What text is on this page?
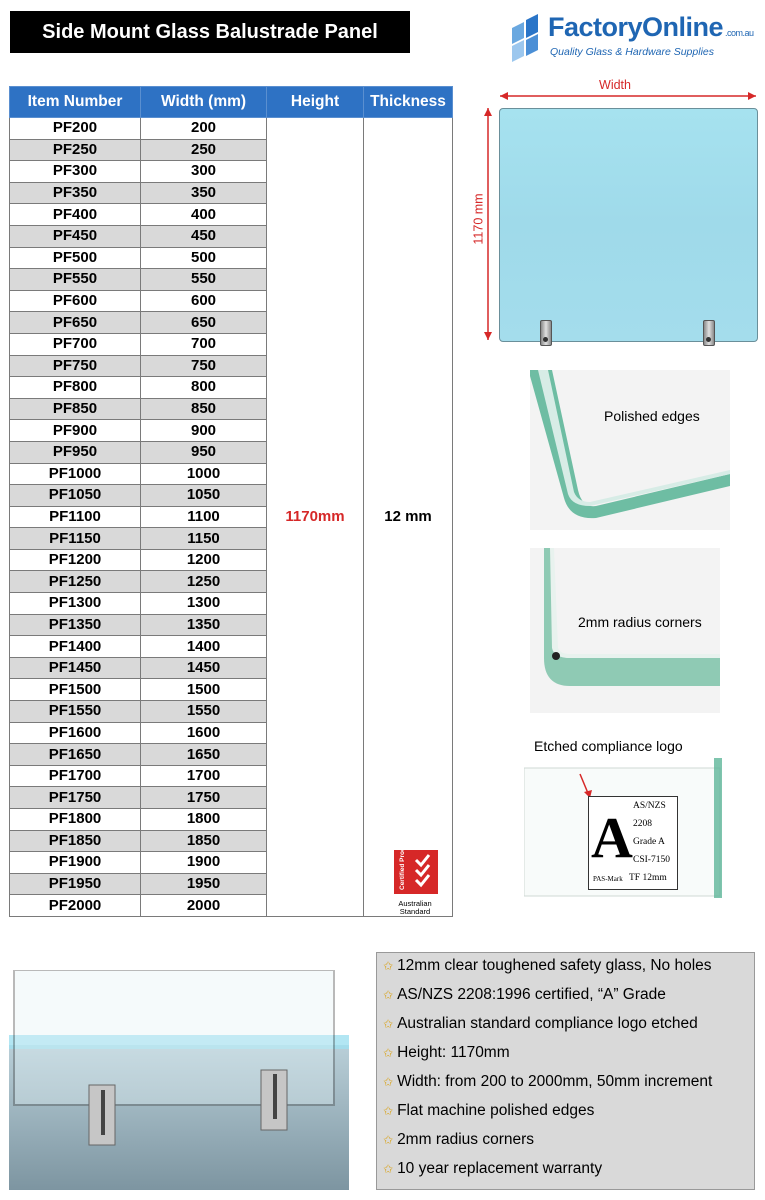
Side Mount Glass Balustrade Panel	FactoryOnline .com.au
Quality Glass & Hardware Supplies
Item Number	Width (mm)	Height	Thickness
PF200	200	1170mm	12 mm
Certified Product
Australian Standard

PF250	250		
PF300	300		
PF350	350		
PF400	400		
PF450	450		
PF500	500		
PF550	550		
PF600	600		
PF650	650		
PF700	700		
PF750	750		
PF800	800		
PF850	850		
PF900	900		
PF950	950		
PF1000	1000		
PF1050	1050		
PF1100	1100		
PF1150	1150		
PF1200	1200		
PF1250	1250		
PF1300	1300		
PF1350	1350		
PF1400	1400		
PF1450	1450		
PF1500	1500		
PF1550	1550		
PF1600	1600		
PF1650	1650		
PF1700	1700		
PF1750	1750		
PF1800	1800		
PF1850	1850		
PF1900	1900		
PF1950	1950		
PF2000	2000		
Width
1170 mm
Polished edges
2mm radius corners
Etched compliance logo
A AS/NZS
2208
Grade A
CSI-7150
TF 12mm
PAS-Mark
✩ 12mm clear toughened safety glass, No holes
✩ AS/NZS 2208:1996 certified, “A” Grade
✩ Australian standard compliance logo etched
✩ Height: 1170mm
✩ Width: from 200 to 2000mm, 50mm increment
✩ Flat machine polished edges
✩ 2mm radius corners
✩ 10 year replacement warranty
